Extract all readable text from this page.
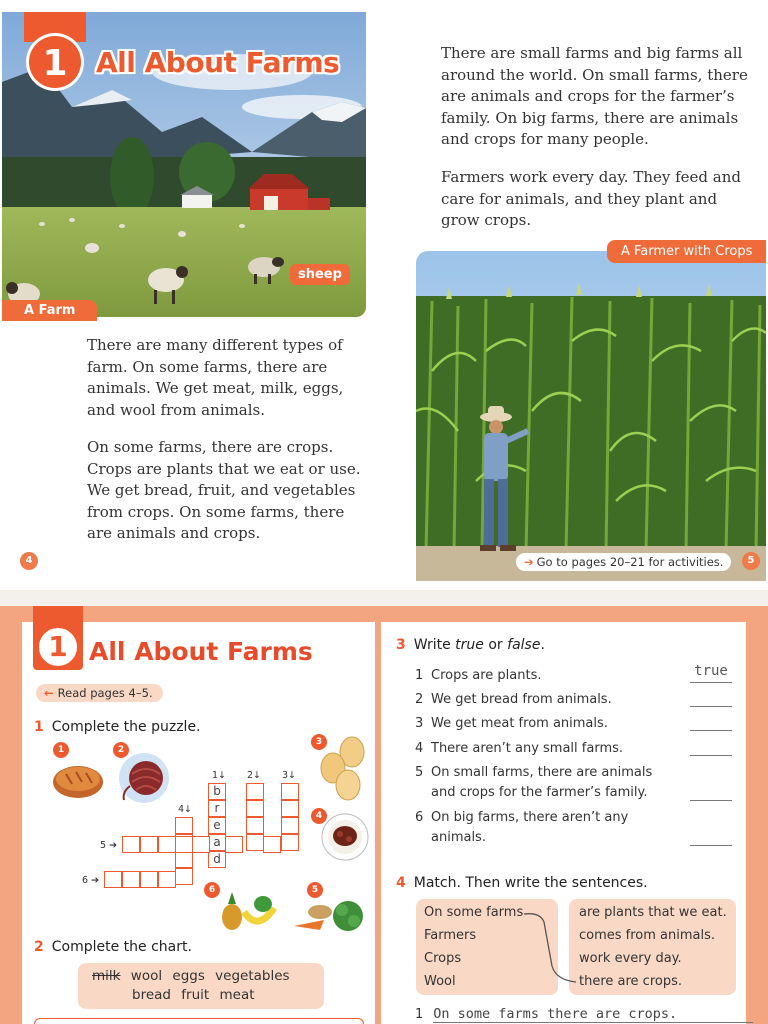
1 All About Farms
sheep
A Farm
There are many different types of farm. On some farms, there are animals. We get meat, milk, eggs, and wool from animals.
On some farms, there are crops. Crops are plants that we eat or use. We get bread, fruit, and vegetables from crops. On some farms, there are animals and crops.
There are small farms and big farms all around the world. On small farms, there are animals and crops for the farmer’s family. On big farms, there are animals and crops for many people.
Farmers work every day. They feed and care for animals, and they plant and grow crops.
4
A Farmer with Crops
➔ Go to pages 20–21 for activities.	5
1 All About Farms
← Read pages 4–5.
1 Complete the puzzle.
1	2
3
4
6	5
b
r
e
a
d
1↓ 2↓ 3↓
4↓
5 ➔
6 ➔
2 Complete the chart.
milk wool eggs vegetables
bread fruit meat
3 Write true or false.
1 Crops are plants.	true
2 We get bread from animals.
3 We get meat from animals.
4 There aren’t any small farms.
5 On small farms, there are animals
and crops for the farmer’s family.
6 On big farms, there aren’t any
animals.
4 Match. Then write the sentences.
On some farms
Farmers
Crops
Wool
are plants that we eat.
comes from animals.
work every day.
there are crops.
1 On some farms there are crops.
